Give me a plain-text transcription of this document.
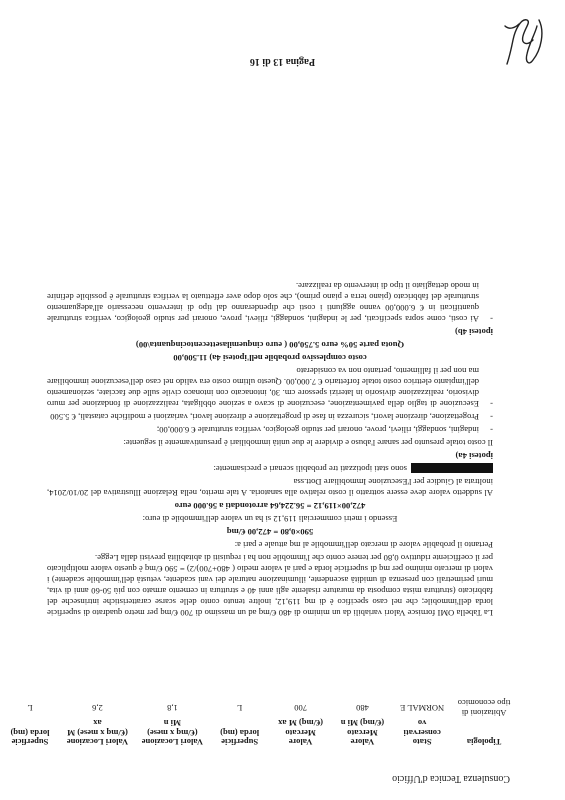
Consulenza Tecnica d'Ufficio
Tipologia	Stato conservati vo	Valore Mercato (€/mq) Mi n	Valore Mercato (€/mq) M ax	Superficie lorda (mq)	Valori Locazione (€/mq x mese) Mi n	Valori Locazione (€/mq x mese) M ax	Superficie lorda (mq)
Abitazioni di tipo economico	NORMAL E	480	700	L	1,8	2,6	L

La Tabella OMI fornisce Valori variabili da un minimo di 480 €/mq ad un massimo di 700 €/mq per metro quadrato di superficie lorda dell'immobile; che nel caso specifico è di mq 119,12, inoltre tenuto conto delle scarse caratteristiche intrinseche del fabbricato (struttura mista composta da murature risalente agli anni 40 e struttura in cemento armato con più 50-60 anni di vita, muri perimetrali con presenza di umidità ascendente, illuminazione naturale dei vani scadente, vetustà dell'immobile scadente) i valori di mercato minimo per mq di superficie lorda e pari al valore medio ( 480+700)/2) = 590 €/mq è questo valore moltiplicato per il coefficiente riduttivo 0,80 per tenere conto che l'immobile non ha i requisiti di abitabilità previsti dalla Legge.

Pertanto il probabile valore di mercato dell'immobile al mq attuale e pari a:

590×0,80 = 472,00 €/mq

Essendo i metri commerciali 119,12 si ha un valore dell'immobile di euro:

472,00×119,12 = 56.224,64 arrotondati a 56.000 euro

Al suddetto valore deve essere sottratto il costo relativo alla sanatoria. A tale merito, nella Relazione Illustrativa del 20/10/2014, inoltrata al Giudice per l'Esecuzione Immobiliare Dott.ssa

sono stati ipotizzati tre probabili scenari e precisamente:

ipotesi 4a)

Il costo totale presunto per sanare l'abuso e dividere le due unità immobiliari è presuntivamente il seguente:

- indagini, sondaggi, rilievi, prove, onorari per studio geologico, verifica strutturale € 6.000,00;
- Progettazione, direzione lavori, sicurezza in fase di progettazione e direzione lavori, variazioni e modifiche catastali, € 5.500
- Esecuzione di taglio della pavimentazione, esecuzione di scavo a sezione obbligata, realizzazione di fondazione per muro divisorio, realizzazione divisorio in laterizi spessore cm. 30, intonacato con intonaco civile sulle due facciate, sezionamento dell'impianto elettrico costo totale forfettario € 7.000,00. Questo ultimo costo era valido nel caso dell'esecuzione immobiliare ma non per il fallimento, pertanto non va considerato

costo complessivo probabile nell'ipotesi 4a) 11.500,00

Quota parte 50% euro 5.750,00 ( euro cinquemilasettecentocinquanta\00)

ipotesi 4b)

- Ai costi, come sopra specificati, per le indagini, sondaggi, rilievi, prove, onorari per studio geologico, verifica strutturale quantificati in € 6.000,00 vanno aggiunti i costi che dipenderanno dal tipo di intervento necessario all'adeguamento strutturale del fabbricato (piano terra e piano primo), che solo dopo aver effettuato la verifica strutturale è possibile definire in modo dettagliato il tipo di intervento da realizzare.
Pagina 13 di 16
